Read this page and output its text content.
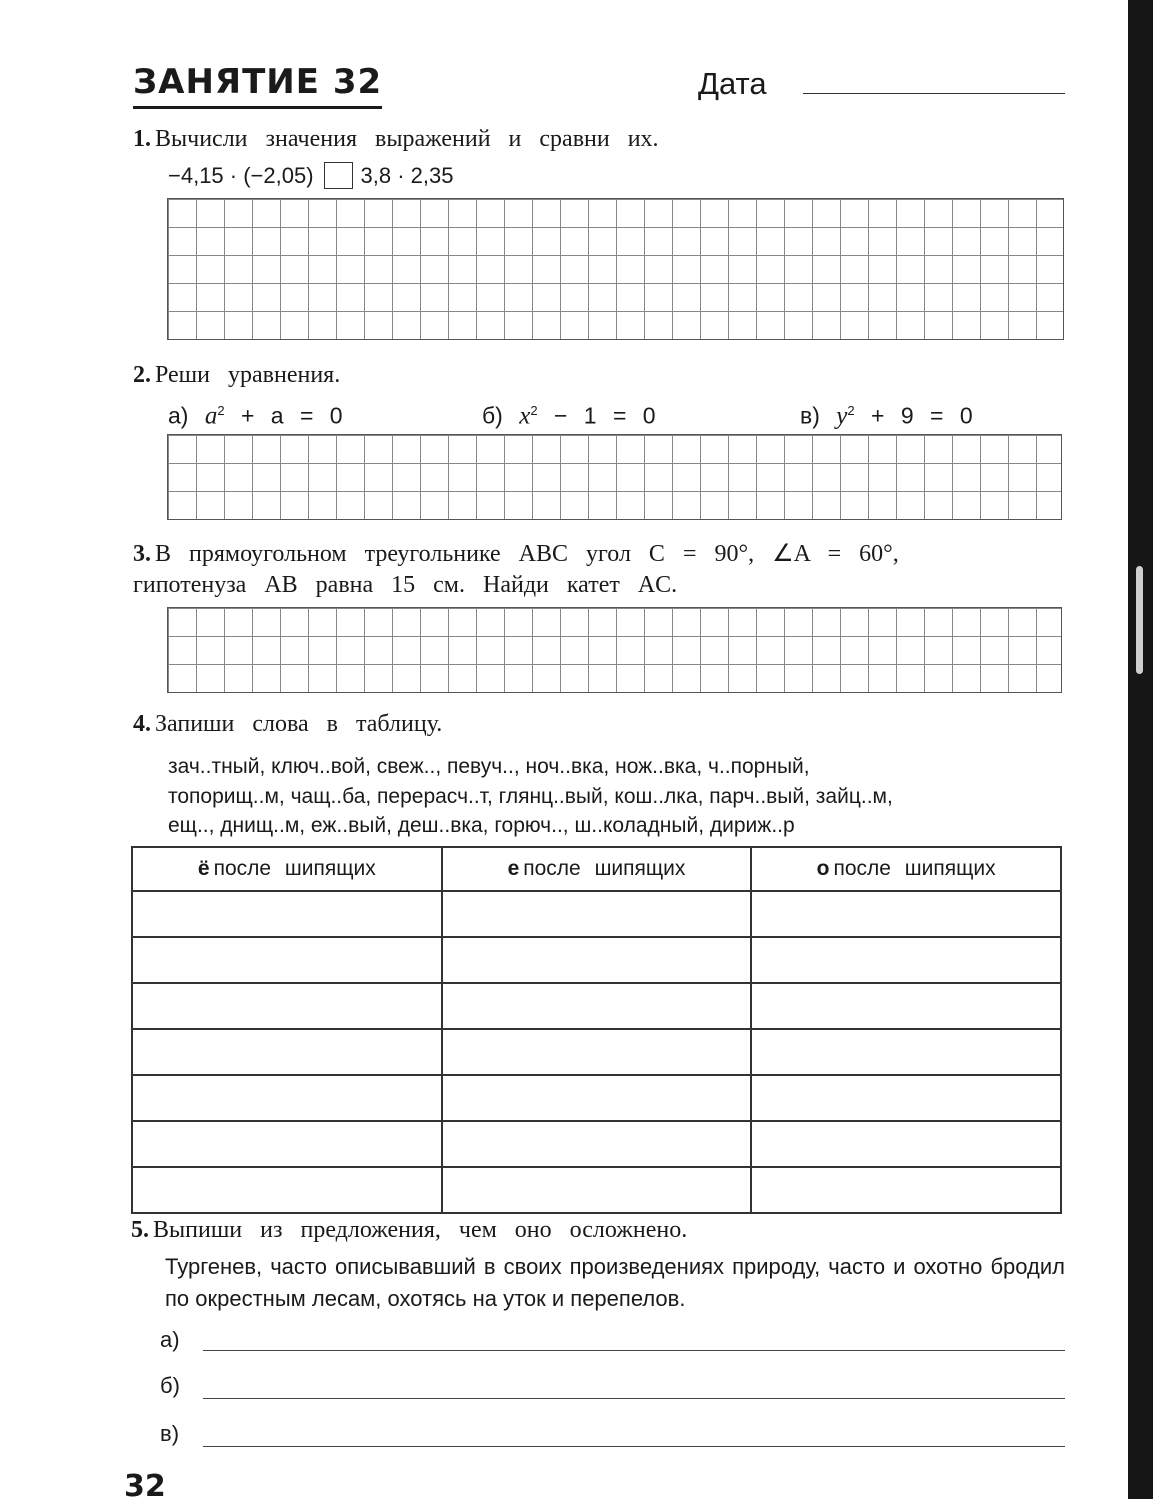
ЗАНЯТИЕ 32	Дата
1. Вычисли значения выражений и сравни их.
−4,15 · (−2,05) 3,8 · 2,35
2. Реши уравнения.
а) $a^2 + a = 0$	б) $x^2 - 1 = 0$	в) $y^2 + 9 = 0$
3. В прямоугольном треугольнике ABC угол C = 90°, ∠A = 60°,
гипотенуза AB равна 15 см. Найди катет AC.
4. Запиши слова в таблицу.
зач..тный, ключ..вой, свеж.., певуч.., ноч..вка, нож..вка, ч..порный,
топорищ..м, чащ..ба, перерасч..т, глянц..вый, кош..лка, парч..вый, зайц..м,
ещ.., днищ..м, еж..вый, деш..вка, горюч.., ш..коладный, дириж..р
ё после шипящих	е после шипящих	о после шипящих

5. Выпиши из предложения, чем оно осложнено.
Тургенев, часто описывавший в своих произведениях природу, часто и охотно бродил по окрестным лесам, охотясь на уток и перепелов.
а)
б)
в)
32
